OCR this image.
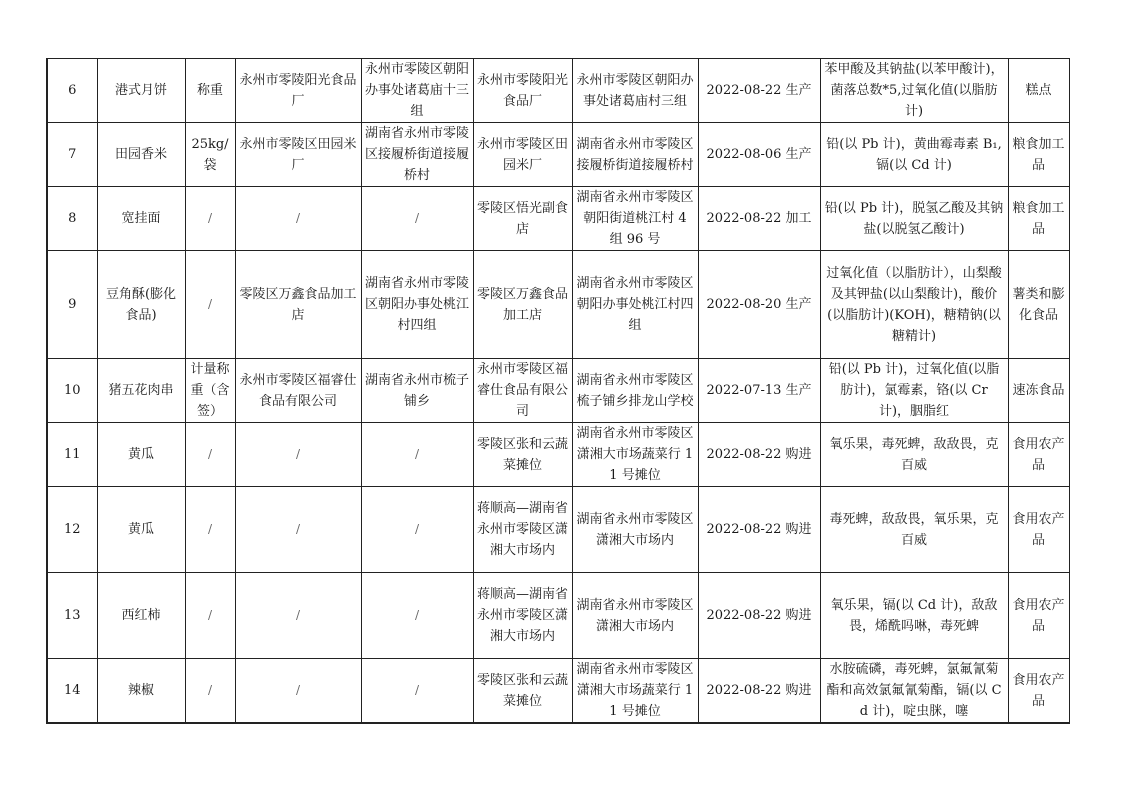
6	港式月饼	称重	永州市零陵阳光食品厂	永州市零陵区朝阳办事处诸葛庙十三组	永州市零陵阳光食品厂	永州市零陵区朝阳办事处诸葛庙村三组	2022-08-22 生产	苯甲酸及其钠盐(以苯甲酸计)，菌落总数*5,过氧化值(以脂肪计)	糕点
7	田园香米	25kg/袋	永州市零陵区田园米厂	湖南省永州市零陵区接履桥街道接履桥村	永州市零陵区田园米厂	湖南省永州市零陵区接履桥街道接履桥村	2022-08-06 生产	铅(以 Pb 计)，黄曲霉毒素 B₁,镉(以 Cd 计)	粮食加工品
8	宽挂面	/	/	/	零陵区悟光副食店	湖南省永州市零陵区朝阳街道桃江村 4 组 96 号	2022-08-22 加工	铅(以 Pb 计)，脱氢乙酸及其钠盐(以脱氢乙酸计)	粮食加工品
9	豆角酥(膨化食品)	/	零陵区万鑫食品加工店	湖南省永州市零陵区朝阳办事处桃江村四组	零陵区万鑫食品加工店	湖南省永州市零陵区朝阳办事处桃江村四组	2022-08-20 生产	过氧化值（以脂肪计），山梨酸及其钾盐(以山梨酸计)，酸价(以脂肪计)(KOH)，糖精钠(以糖精计)	薯类和膨化食品
10	猪五花肉串	计量称重（含签）	永州市零陵区福睿仕食品有限公司	湖南省永州市梳子铺乡	永州市零陵区福睿仕食品有限公司	湖南省永州市零陵区梳子铺乡排龙山学校	2022-07-13 生产	铅(以 Pb 计)，过氧化值(以脂肪计)，氯霉素，铬(以 Cr 计)，胭脂红	速冻食品
11	黄瓜	/	/	/	零陵区张和云蔬菜摊位	湖南省永州市零陵区潇湘大市场蔬菜行 11 号摊位	2022-08-22 购进	氧乐果，毒死蜱，敌敌畏，克百威	食用农产品
12	黄瓜	/	/	/	蒋顺高—湖南省永州市零陵区潇湘大市场内	湖南省永州市零陵区潇湘大市场内	2022-08-22 购进	毒死蜱，敌敌畏，氧乐果，克百威	食用农产品
13	西红柿	/	/	/	蒋顺高—湖南省永州市零陵区潇湘大市场内	湖南省永州市零陵区潇湘大市场内	2022-08-22 购进	氧乐果，镉(以 Cd 计)，敌敌畏，烯酰吗啉，毒死蜱	食用农产品
14	辣椒	/	/	/	零陵区张和云蔬菜摊位	湖南省永州市零陵区潇湘大市场蔬菜行 11 号摊位	2022-08-22 购进	水胺硫磷，毒死蜱，氯氟氰菊酯和高效氯氟氰菊酯，镉(以 Cd 计)，啶虫脒，噻	食用农产品
